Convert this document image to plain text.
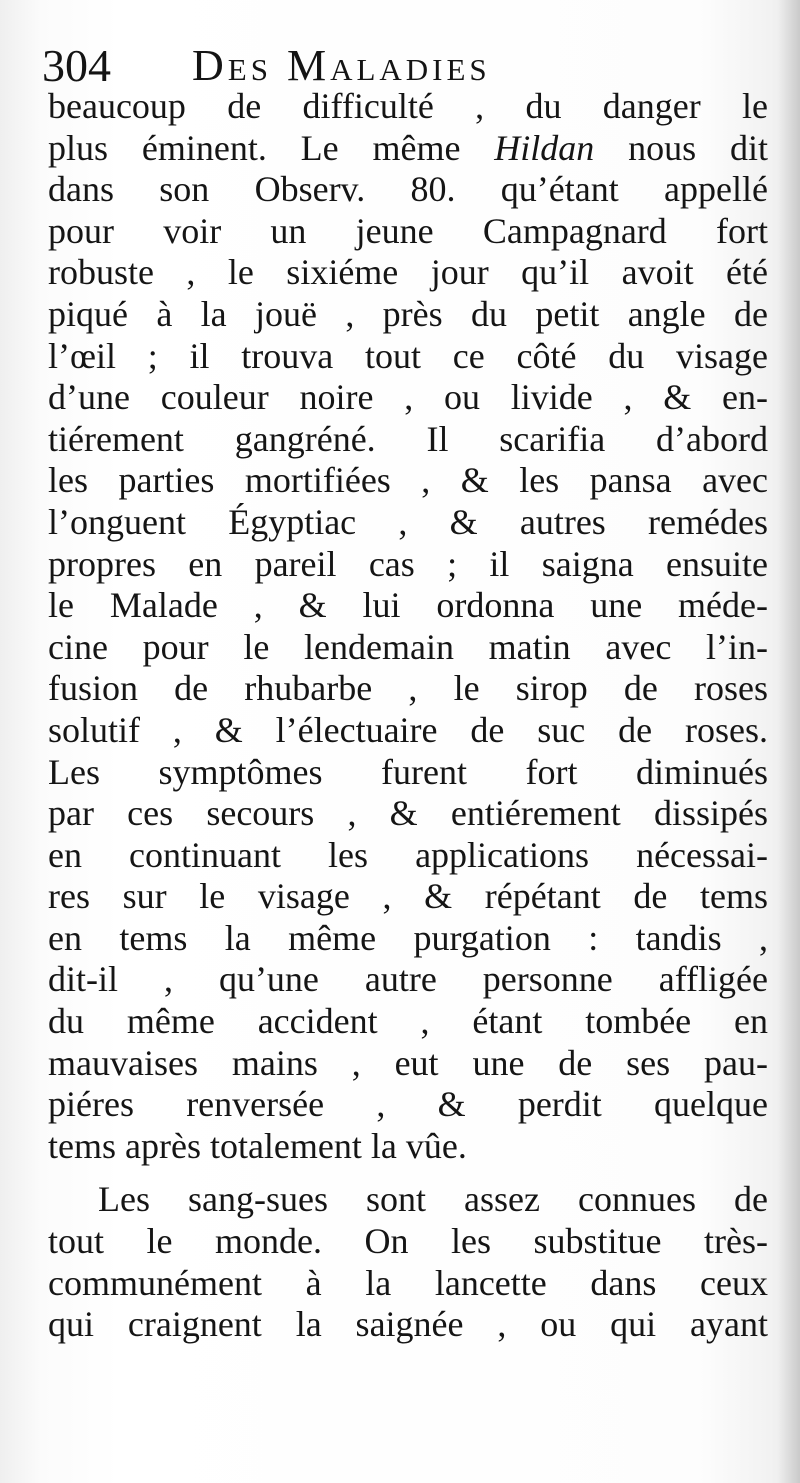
304 Des Maladies
beaucoup de difficulté , du danger le
plus éminent. Le même Hildan nous dit
dans son Observ. 80. qu’étant appellé
pour voir un jeune Campagnard fort
robuste , le sixiéme jour qu’il avoit été
piqué à la jouë , près du petit angle de
l’œil ; il trouva tout ce côté du visage
d’une couleur noire , ou livide , & en-
tiérement gangréné. Il scarifia d’abord
les parties mortifiées , & les pansa avec
l’onguent Égyptiac , & autres remédes
propres en pareil cas ; il saigna ensuite
le Malade , & lui ordonna une méde-
cine pour le lendemain matin avec l’in-
fusion de rhubarbe , le sirop de roses
solutif , & l’électuaire de suc de roses.
Les symptômes furent fort diminués
par ces secours , & entiérement dissipés
en continuant les applications nécessai-
res sur le visage , & répétant de tems
en tems la même purgation : tandis ,
dit-il , qu’une autre personne affligée
du même accident , étant tombée en
mauvaises mains , eut une de ses pau-
piéres renversée , & perdit quelque
tems après totalement la vûe.
Les sang-sues sont assez connues de
tout le monde. On les substitue très-
communément à la lancette dans ceux
qui craignent la saignée , ou qui ayant
